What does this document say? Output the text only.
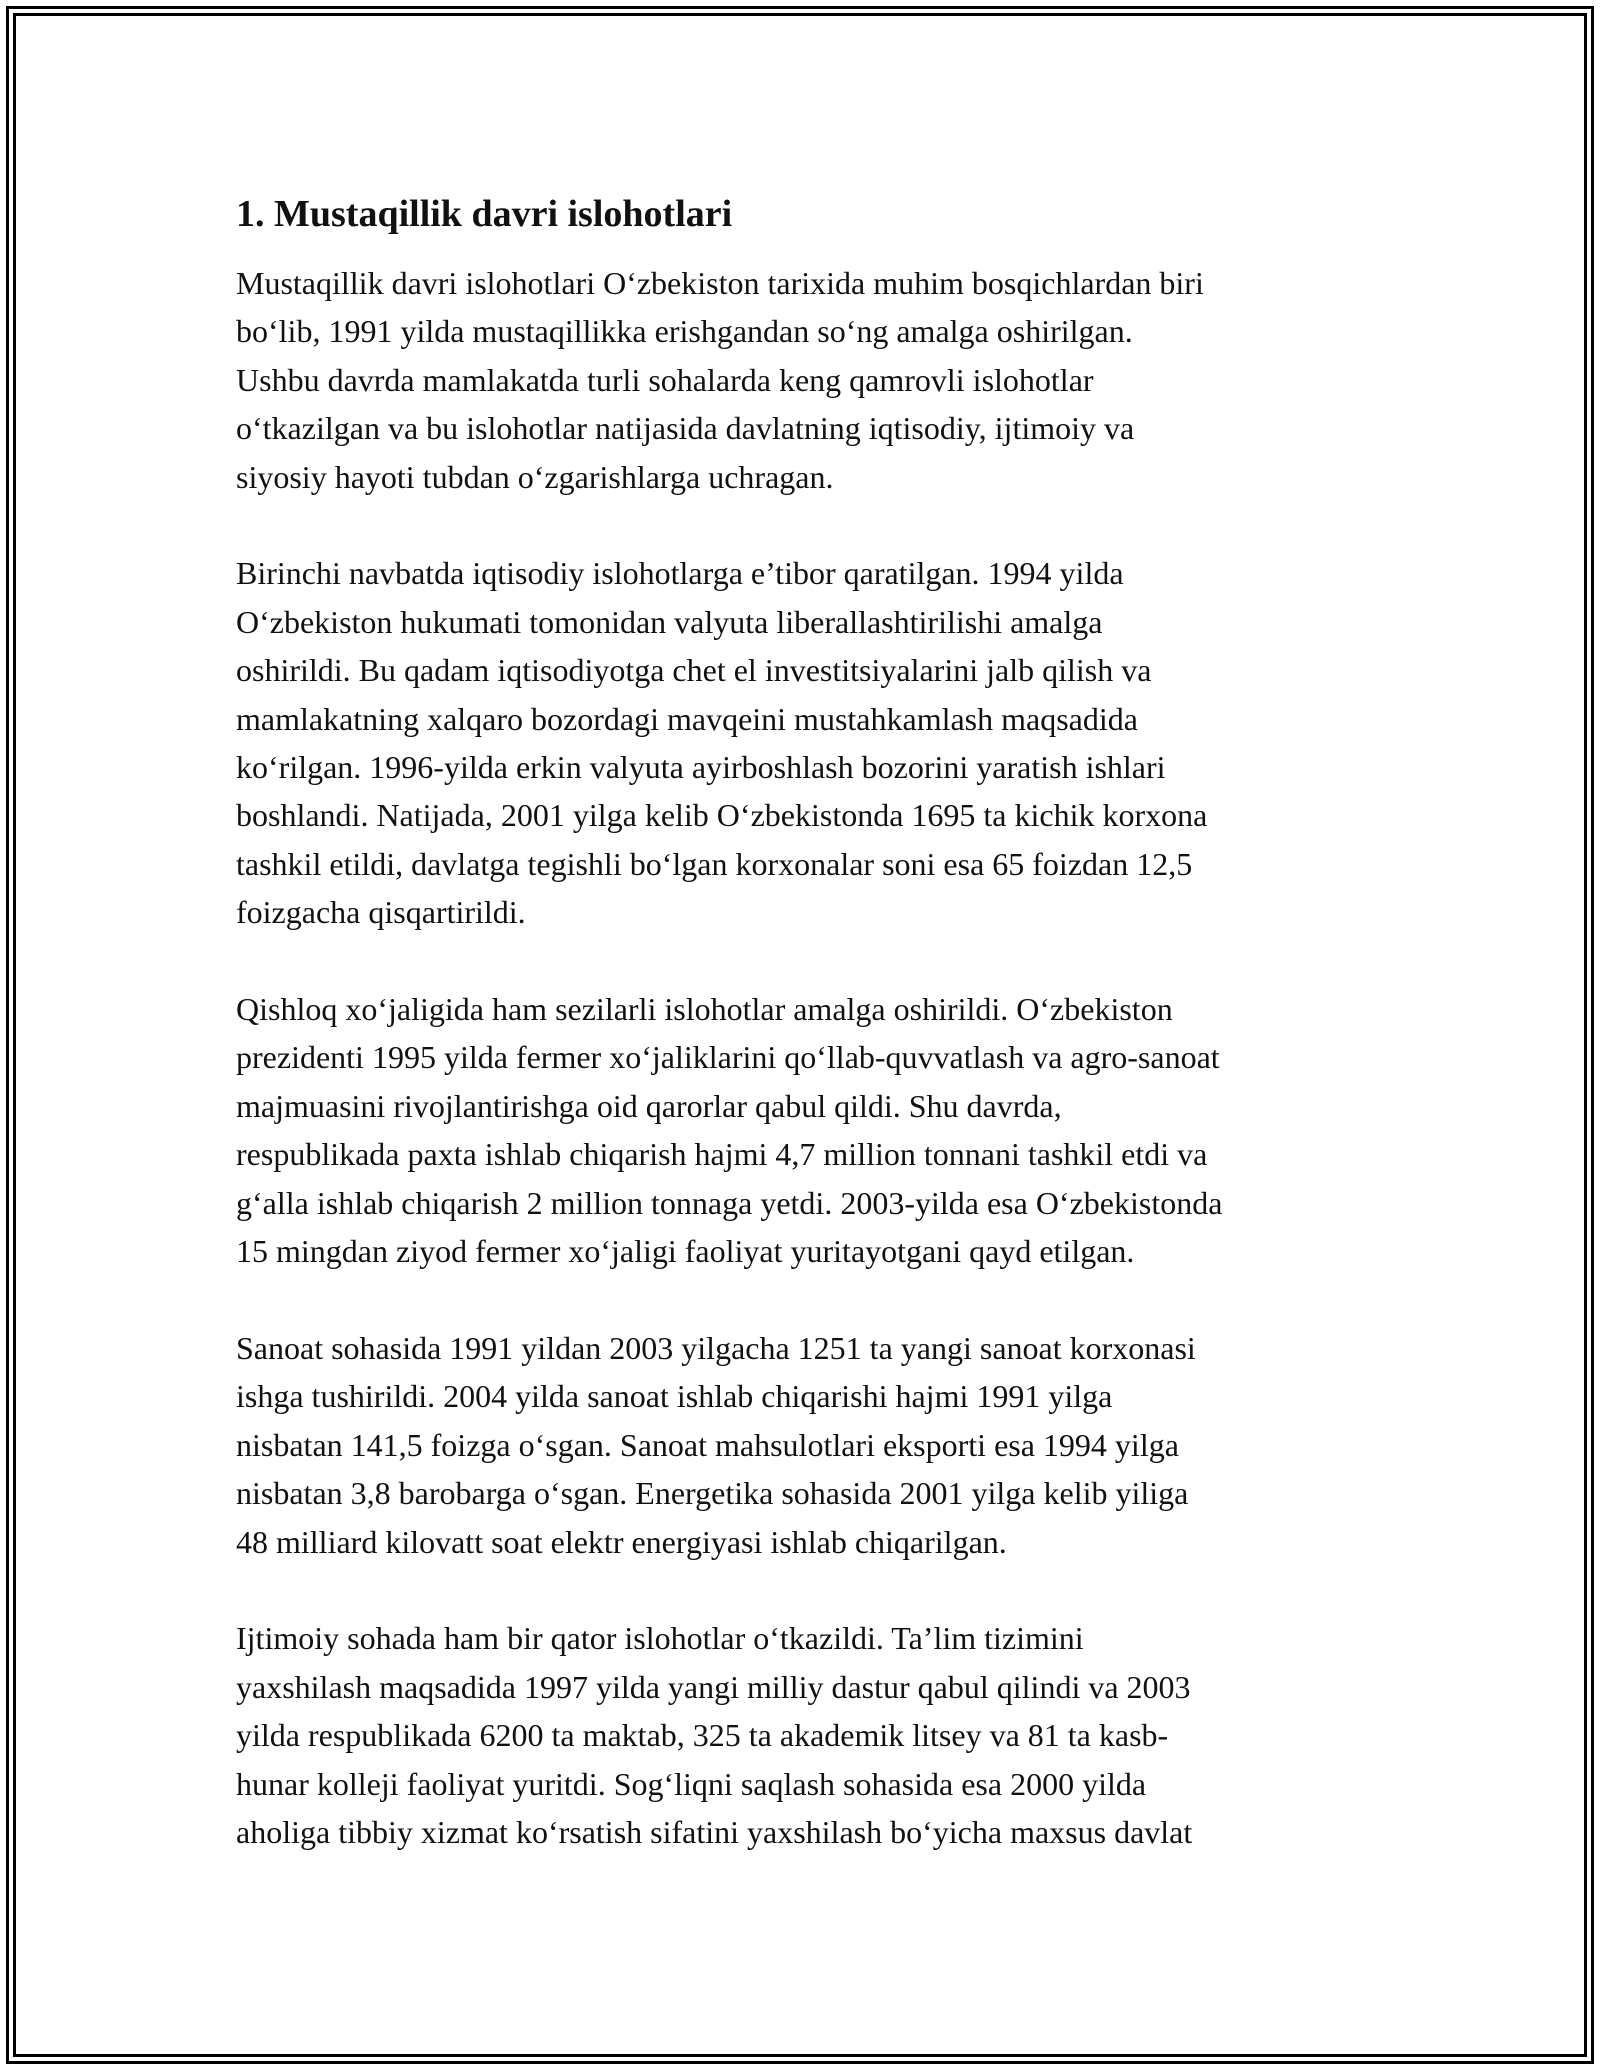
1. Mustaqillik davri islohotlari

Mustaqillik davri islohotlari O‘zbekiston tarixida muhim bosqichlardan biri
bo‘lib, 1991 yilda mustaqillikka erishgandan so‘ng amalga oshirilgan.
Ushbu davrda mamlakatda turli sohalarda keng qamrovli islohotlar
o‘tkazilgan va bu islohotlar natijasida davlatning iqtisodiy, ijtimoiy va
siyosiy hayoti tubdan o‘zgarishlarga uchragan.

Birinchi navbatda iqtisodiy islohotlarga e’tibor qaratilgan. 1994 yilda
O‘zbekiston hukumati tomonidan valyuta liberallashtirilishi amalga
oshirildi. Bu qadam iqtisodiyotga chet el investitsiyalarini jalb qilish va
mamlakatning xalqaro bozordagi mavqeini mustahkamlash maqsadida
ko‘rilgan. 1996-yilda erkin valyuta ayirboshlash bozorini yaratish ishlari
boshlandi. Natijada, 2001 yilga kelib O‘zbekistonda 1695 ta kichik korxona
tashkil etildi, davlatga tegishli bo‘lgan korxonalar soni esa 65 foizdan 12,5
foizgacha qisqartirildi.

Qishloq xo‘jaligida ham sezilarli islohotlar amalga oshirildi. O‘zbekiston
prezidenti 1995 yilda fermer xo‘jaliklarini qo‘llab-quvvatlash va agro-sanoat
majmuasini rivojlantirishga oid qarorlar qabul qildi. Shu davrda,
respublikada paxta ishlab chiqarish hajmi 4,7 million tonnani tashkil etdi va
g‘alla ishlab chiqarish 2 million tonnaga yetdi. 2003-yilda esa O‘zbekistonda
15 mingdan ziyod fermer xo‘jaligi faoliyat yuritayotgani qayd etilgan.

Sanoat sohasida 1991 yildan 2003 yilgacha 1251 ta yangi sanoat korxonasi
ishga tushirildi. 2004 yilda sanoat ishlab chiqarishi hajmi 1991 yilga
nisbatan 141,5 foizga o‘sgan. Sanoat mahsulotlari eksporti esa 1994 yilga
nisbatan 3,8 barobarga o‘sgan. Energetika sohasida 2001 yilga kelib yiliga
48 milliard kilovatt soat elektr energiyasi ishlab chiqarilgan.

Ijtimoiy sohada ham bir qator islohotlar o‘tkazildi. Ta’lim tizimini
yaxshilash maqsadida 1997 yilda yangi milliy dastur qabul qilindi va 2003
yilda respublikada 6200 ta maktab, 325 ta akademik litsey va 81 ta kasb-
hunar kolleji faoliyat yuritdi. Sog‘liqni saqlash sohasida esa 2000 yilda
aholiga tibbiy xizmat ko‘rsatish sifatini yaxshilash bo‘yicha maxsus davlat
